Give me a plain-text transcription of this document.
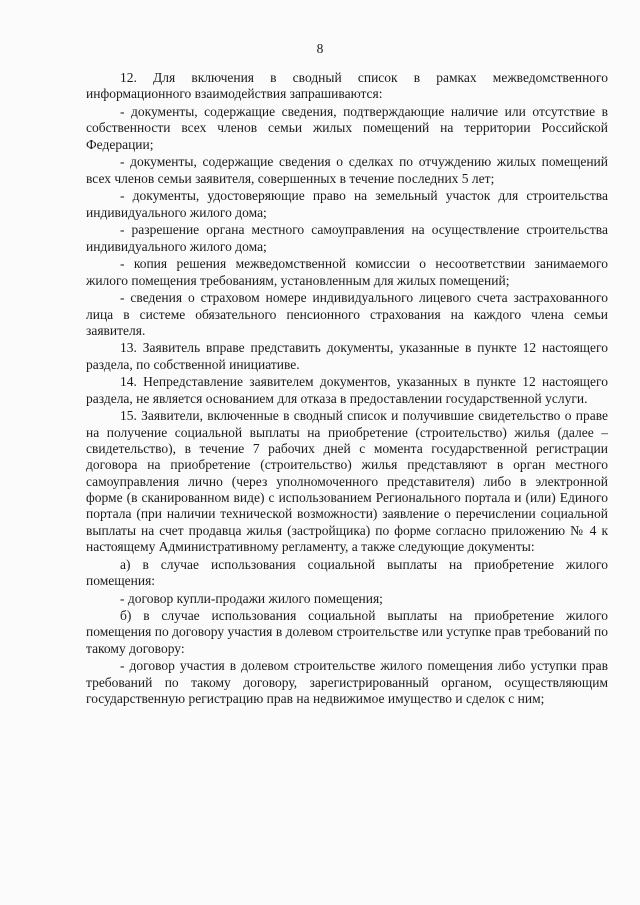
8

12. Для включения в сводный список в рамках межведомственного информационного взаимодействия запрашиваются:

- документы, содержащие сведения, подтверждающие наличие или отсутствие в собственности всех членов семьи жилых помещений на территории Российской Федерации;

- документы, содержащие сведения о сделках по отчуждению жилых помещений всех членов семьи заявителя, совершенных в течение последних 5 лет;

- документы, удостоверяющие право на земельный участок для строительства индивидуального жилого дома;

- разрешение органа местного самоуправления на осуществление строительства индивидуального жилого дома;

- копия решения межведомственной комиссии о несоответствии занимаемого жилого помещения требованиям, установленным для жилых помещений;

- сведения о страховом номере индивидуального лицевого счета застрахованного лица в системе обязательного пенсионного страхования на каждого члена семьи заявителя.

13. Заявитель вправе представить документы, указанные в пункте 12 настоящего раздела, по собственной инициативе.

14. Непредставление заявителем документов, указанных в пункте 12 настоящего раздела, не является основанием для отказа в предоставлении государственной услуги.

15. Заявители, включенные в сводный список и получившие свидетельство о праве на получение социальной выплаты на приобретение (строительство) жилья (далее – свидетельство), в течение 7 рабочих дней с момента государственной регистрации договора на приобретение (строительство) жилья представляют в орган местного самоуправления лично (через уполномоченного представителя) либо в электронной форме (в сканированном виде) с использованием Регионального портала и (или) Единого портала (при наличии технической возможности) заявление о перечислении социальной выплаты на счет продавца жилья (застройщика) по форме согласно приложению № 4 к настоящему Административному регламенту, а также следующие документы:

а) в случае использования социальной выплаты на приобретение жилого помещения:

- договор купли-продажи жилого помещения;

б) в случае использования социальной выплаты на приобретение жилого помещения по договору участия в долевом строительстве или уступке прав требований по такому договору:

- договор участия в долевом строительстве жилого помещения либо уступки прав требований по такому договору, зарегистрированный органом, осуществляющим государственную регистрацию прав на недвижимое имущество и сделок с ним;
